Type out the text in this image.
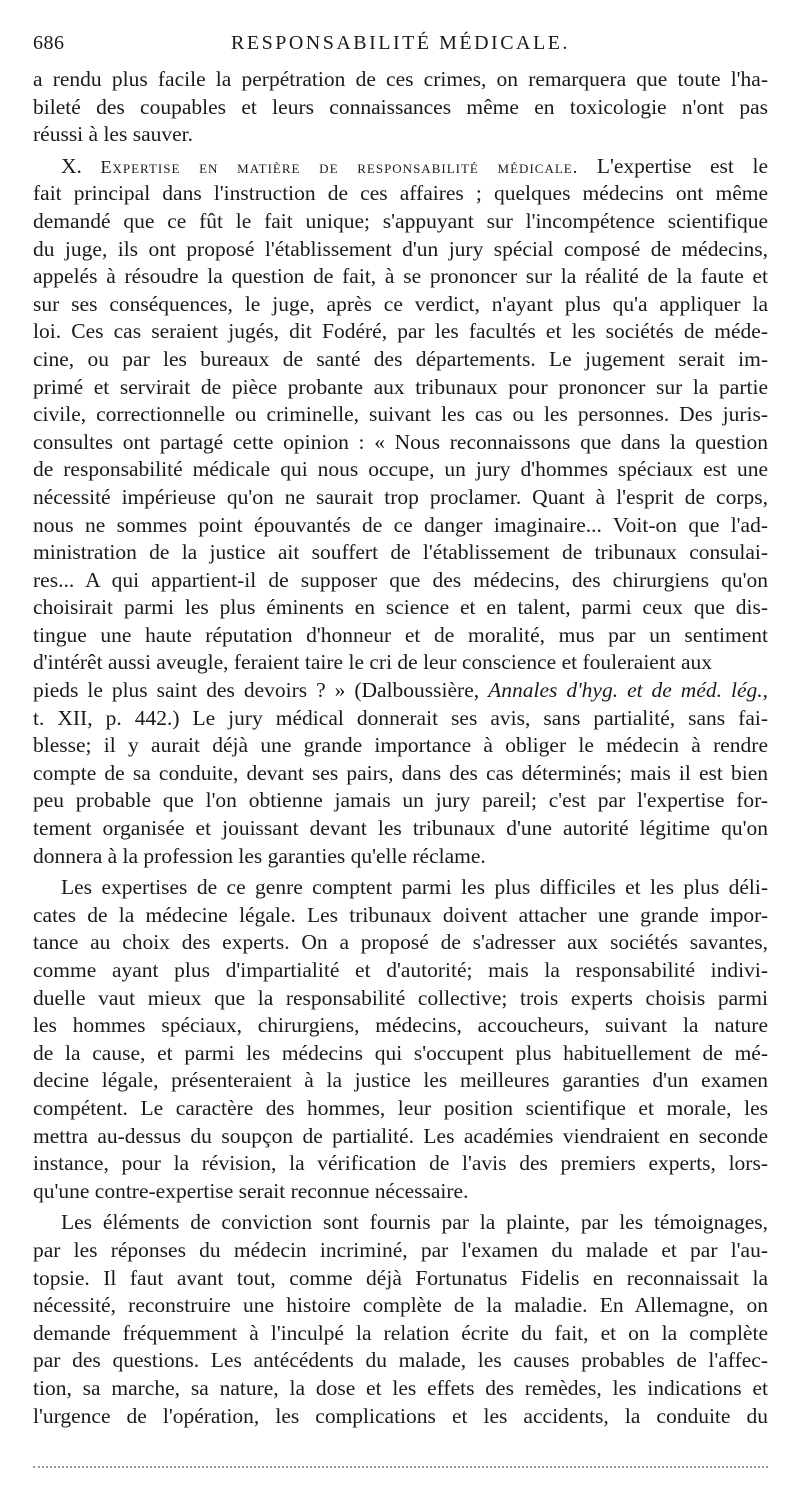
686	RESPONSABILITÉ MÉDICALE.
a rendu plus facile la perpétration de ces crimes, on remarquera que toute l'ha-
bileté des coupables et leurs connaissances même en toxicologie n'ont pas
réussi à les sauver.
X. Expertise en matière de responsabilité médicale. L'expertise est le
fait principal dans l'instruction de ces affaires ; quelques médecins ont même
demandé que ce fût le fait unique; s'appuyant sur l'incompétence scientifique
du juge, ils ont proposé l'établissement d'un jury spécial composé de médecins,
appelés à résoudre la question de fait, à se prononcer sur la réalité de la faute et
sur ses conséquences, le juge, après ce verdict, n'ayant plus qu'a appliquer la
loi. Ces cas seraient jugés, dit Fodéré, par les facultés et les sociétés de méde-
cine, ou par les bureaux de santé des départements. Le jugement serait im-
primé et servirait de pièce probante aux tribunaux pour prononcer sur la partie
civile, correctionnelle ou criminelle, suivant les cas ou les personnes. Des juris-
consultes ont partagé cette opinion : « Nous reconnaissons que dans la question
de responsabilité médicale qui nous occupe, un jury d'hommes spéciaux est une
nécessité impérieuse qu'on ne saurait trop proclamer. Quant à l'esprit de corps,
nous ne sommes point épouvantés de ce danger imaginaire... Voit-on que l'ad-
ministration de la justice ait souffert de l'établissement de tribunaux consulai-
res... A qui appartient-il de supposer que des médecins, des chirurgiens qu'on
choisirait parmi les plus éminents en science et en talent, parmi ceux que dis-
tingue une haute réputation d'honneur et de moralité, mus par un sentiment
d'intérêt aussi aveugle, feraient taire le cri de leur conscience et fouleraient aux
pieds le plus saint des devoirs ? » (Dalboussière, Annales d'hyg. et de méd. lég.,
t. XII, p. 442.) Le jury médical donnerait ses avis, sans partialité, sans fai-
blesse; il y aurait déjà une grande importance à obliger le médecin à rendre
compte de sa conduite, devant ses pairs, dans des cas déterminés; mais il est bien
peu probable que l'on obtienne jamais un jury pareil; c'est par l'expertise for-
tement organisée et jouissant devant les tribunaux d'une autorité légitime qu'on
donnera à la profession les garanties qu'elle réclame.
Les expertises de ce genre comptent parmi les plus difficiles et les plus déli-
cates de la médecine légale. Les tribunaux doivent attacher une grande impor-
tance au choix des experts. On a proposé de s'adresser aux sociétés savantes,
comme ayant plus d'impartialité et d'autorité; mais la responsabilité indivi-
duelle vaut mieux que la responsabilité collective; trois experts choisis parmi
les hommes spéciaux, chirurgiens, médecins, accoucheurs, suivant la nature
de la cause, et parmi les médecins qui s'occupent plus habituellement de mé-
decine légale, présenteraient à la justice les meilleures garanties d'un examen
compétent. Le caractère des hommes, leur position scientifique et morale, les
mettra au-dessus du soupçon de partialité. Les académies viendraient en seconde
instance, pour la révision, la vérification de l'avis des premiers experts, lors-
qu'une contre-expertise serait reconnue nécessaire.
Les éléments de conviction sont fournis par la plainte, par les témoignages,
par les réponses du médecin incriminé, par l'examen du malade et par l'au-
topsie. Il faut avant tout, comme déjà Fortunatus Fidelis en reconnaissait la
nécessité, reconstruire une histoire complète de la maladie. En Allemagne, on
demande fréquemment à l'inculpé la relation écrite du fait, et on la complète
par des questions. Les antécédents du malade, les causes probables de l'affec-
tion, sa marche, sa nature, la dose et les effets des remèdes, les indications et
l'urgence de l'opération, les complications et les accidents, la conduite du
